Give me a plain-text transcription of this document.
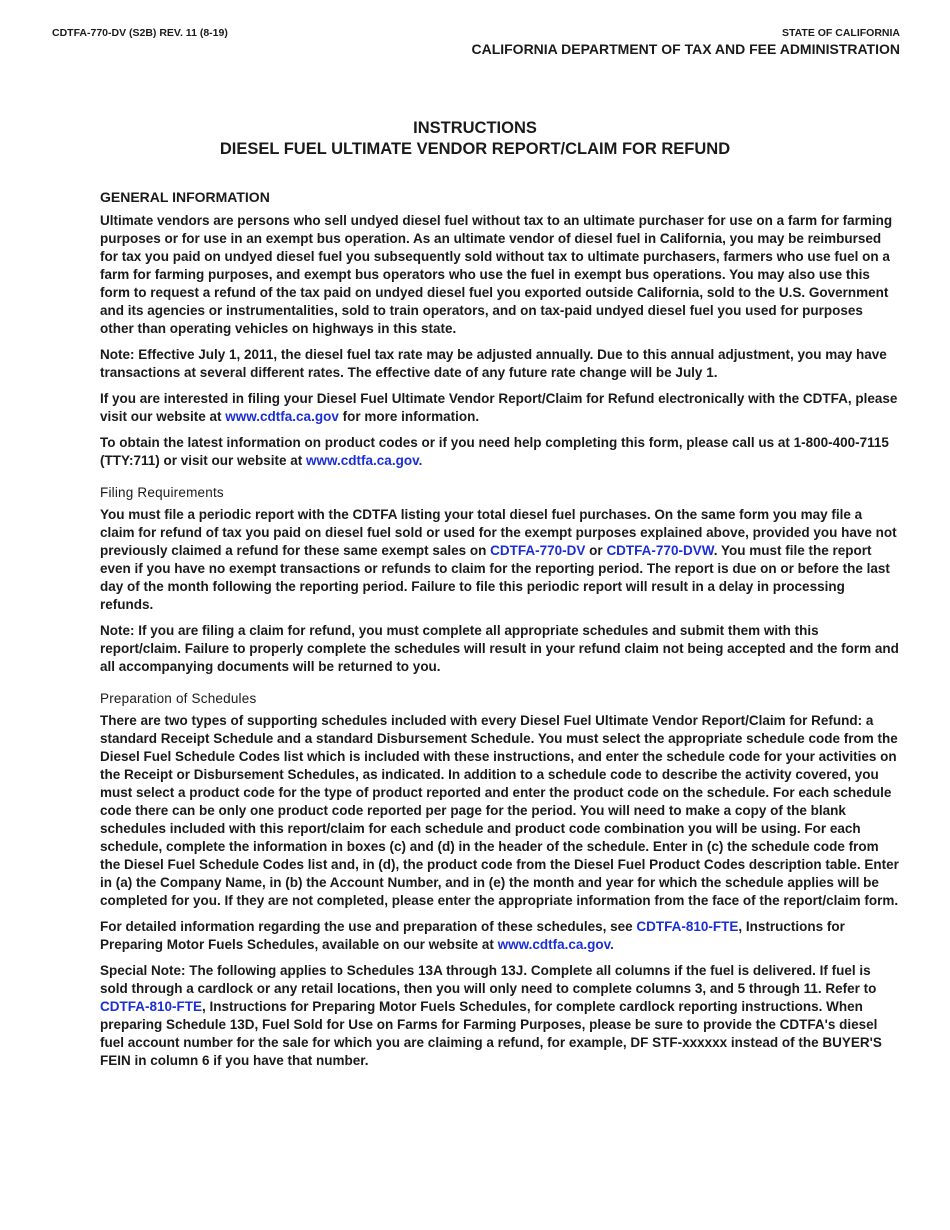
CDTFA-770-DV (S2B) REV. 11 (8-19)	STATE OF CALIFORNIA
CALIFORNIA DEPARTMENT OF TAX AND FEE ADMINISTRATION
INSTRUCTIONS
DIESEL FUEL ULTIMATE VENDOR REPORT/CLAIM FOR REFUND
GENERAL INFORMATION

Ultimate vendors are persons who sell undyed diesel fuel without tax to an ultimate purchaser for use on a farm for farming purposes or for use in an exempt bus operation. As an ultimate vendor of diesel fuel in California, you may be reimbursed for tax you paid on undyed diesel fuel you subsequently sold without tax to ultimate purchasers, farmers who use fuel on a farm for farming purposes, and exempt bus operators who use the fuel in exempt bus operations. You may also use this form to request a refund of the tax paid on undyed diesel fuel you exported outside California, sold to the U.S. Government and its agencies or instrumentalities, sold to train operators, and on tax-paid undyed diesel fuel you used for purposes other than operating vehicles on highways in this state.

Note: Effective July 1, 2011, the diesel fuel tax rate may be adjusted annually. Due to this annual adjustment, you may have transactions at several different rates. The effective date of any future rate change will be July 1.

If you are interested in filing your Diesel Fuel Ultimate Vendor Report/Claim for Refund electronically with the CDTFA, please visit our website at www.cdtfa.ca.gov for more information.

To obtain the latest information on product codes or if you need help completing this form, please call us at 1-800-400-7115 (TTY:711) or visit our website at www.cdtfa.ca.gov.

Filing Requirements

You must file a periodic report with the CDTFA listing your total diesel fuel purchases. On the same form you may file a claim for refund of tax you paid on diesel fuel sold or used for the exempt purposes explained above, provided you have not previously claimed a refund for these same exempt sales on CDTFA-770-DV or CDTFA-770-DVW. You must file the report even if you have no exempt transactions or refunds to claim for the reporting period. The report is due on or before the last day of the month following the reporting period. Failure to file this periodic report will result in a delay in processing refunds.

Note: If you are filing a claim for refund, you must complete all appropriate schedules and submit them with this report/claim. Failure to properly complete the schedules will result in your refund claim not being accepted and the form and all accompanying documents will be returned to you.

Preparation of Schedules

There are two types of supporting schedules included with every Diesel Fuel Ultimate Vendor Report/Claim for Refund: a standard Receipt Schedule and a standard Disbursement Schedule. You must select the appropriate schedule code from the Diesel Fuel Schedule Codes list which is included with these instructions, and enter the schedule code for your activities on the Receipt or Disbursement Schedules, as indicated. In addition to a schedule code to describe the activity covered, you must select a product code for the type of product reported and enter the product code on the schedule. For each schedule code there can be only one product code reported per page for the period. You will need to make a copy of the blank schedules included with this report/claim for each schedule and product code combination you will be using. For each schedule, complete the information in boxes (c) and (d) in the header of the schedule. Enter in (c) the schedule code from the Diesel Fuel Schedule Codes list and, in (d), the product code from the Diesel Fuel Product Codes description table. Enter in (a) the Company Name, in (b) the Account Number, and in (e) the month and year for which the schedule applies will be completed for you. If they are not completed, please enter the appropriate information from the face of the report/claim form.

For detailed information regarding the use and preparation of these schedules, see CDTFA-810-FTE, Instructions for Preparing Motor Fuels Schedules, available on our website at www.cdtfa.ca.gov.

Special Note: The following applies to Schedules 13A through 13J. Complete all columns if the fuel is delivered. If fuel is sold through a cardlock or any retail locations, then you will only need to complete columns 3, and 5 through 11. Refer to CDTFA-810-FTE, Instructions for Preparing Motor Fuels Schedules, for complete cardlock reporting instructions. When preparing Schedule 13D, Fuel Sold for Use on Farms for Farming Purposes, please be sure to provide the CDTFA's diesel fuel account number for the sale for which you are claiming a refund, for example, DF STF-xxxxxx instead of the BUYER'S FEIN in column 6 if you have that number.
